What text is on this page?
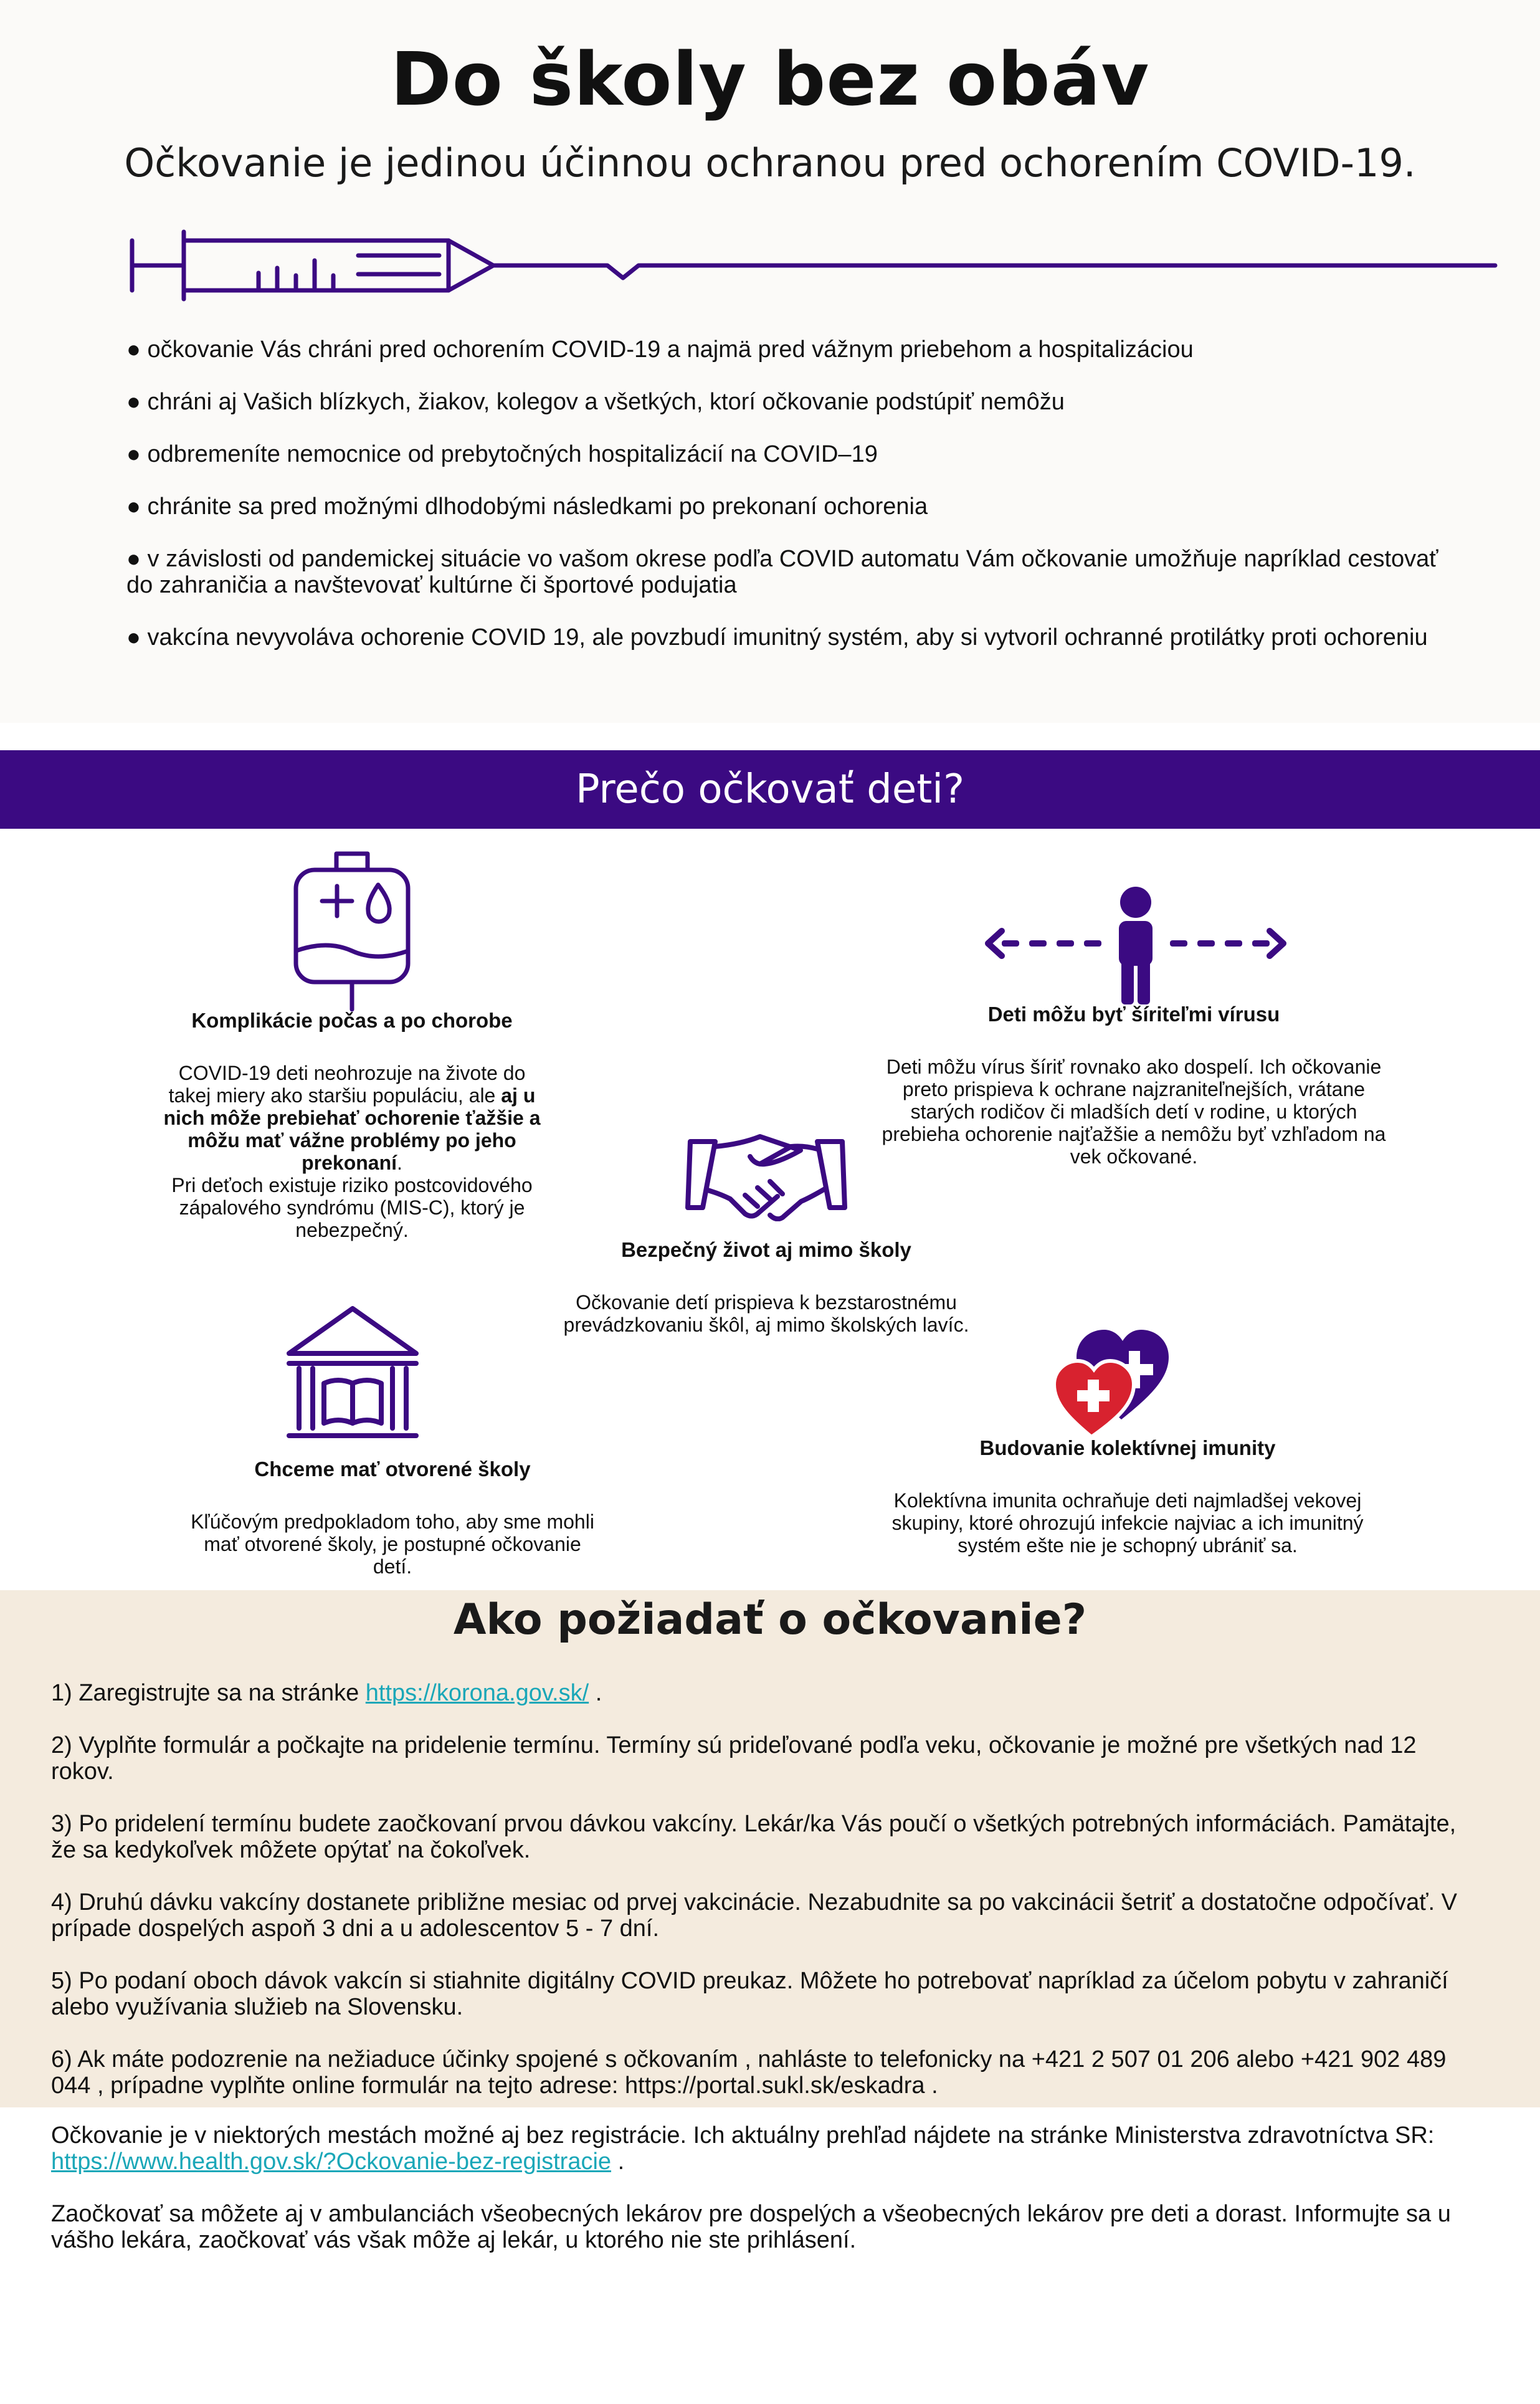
Do školy bez obáv

Očkovanie je jedinou účinnou ochranou pred ochorením COVID-19.

● očkovanie Vás chráni pred ochorením COVID-19 a najmä pred vážnym priebehom a hospitalizáciou
● chráni aj Vašich blízkych, žiakov, kolegov a všetkých, ktorí očkovanie podstúpiť nemôžu
● odbremeníte nemocnice od prebytočných hospitalizácií na COVID–19
● chránite sa pred možnými dlhodobými následkami po prekonaní ochorenia
● v závislosti od pandemickej situácie vo vašom okrese podľa COVID automatu Vám očkovanie umožňuje napríklad cestovať do zahraničia a navštevovať kultúrne či športové podujatia
● vakcína nevyvoláva ochorenie COVID 19, ale povzbudí imunitný systém, aby si vytvoril ochranné protilátky proti ochoreniu
Prečo očkovať deti?
Komplikácie počas a po chorobe

COVID-19 deti neohrozuje na živote do takej miery ako staršiu populáciu, ale aj u nich môže prebiehať ochorenie ťažšie a môžu mať vážne problémy po jeho prekonaní.

Pri deťoch existuje riziko postcovidového zápalového syndrómu (MIS-C), ktorý je nebezpečný.

Deti môžu byť šíriteľmi vírusu

Deti môžu vírus šíriť rovnako ako dospelí. Ich očkovanie preto prispieva k ochrane najzraniteľnejších, vrátane starých rodičov či mladších detí v rodine, u ktorých prebieha ochorenie najťažšie a nemôžu byť vzhľadom na vek očkované.

Bezpečný život aj mimo školy

Očkovanie detí prispieva k bezstarostnému prevádzkovaniu škôl, aj mimo školských lavíc.

Chceme mať otvorené školy

Kľúčovým predpokladom toho, aby sme mohli mať otvorené školy, je postupné očkovanie detí.

Budovanie kolektívnej imunity

Kolektívna imunita ochraňuje deti najmladšej vekovej skupiny, ktoré ohrozujú infekcie najviac a ich imunitný systém ešte nie je schopný ubrániť sa.

Ako požiadať o očkovanie?

1) Zaregistrujte sa na stránke https://korona.gov.sk/ .

2) Vyplňte formulár a počkajte na pridelenie termínu. Termíny sú prideľované podľa veku, očkovanie je možné pre všetkých nad 12 rokov.

3) Po pridelení termínu budete zaočkovaní prvou dávkou vakcíny. Lekár/ka Vás poučí o všetkých potrebných informáciách. Pamätajte, že sa kedykoľvek môžete opýtať na čokoľvek.

4) Druhú dávku vakcíny dostanete približne mesiac od prvej vakcinácie. Nezabudnite sa po vakcinácii šetriť a dostatočne odpočívať. V prípade dospelých aspoň 3 dni a u adolescentov 5 - 7 dní.

5) Po podaní oboch dávok vakcín si stiahnite digitálny COVID preukaz. Môžete ho potrebovať napríklad za účelom pobytu v zahraničí alebo využívania služieb na Slovensku.

6) Ak máte podozrenie na nežiaduce účinky spojené s očkovaním , nahláste to telefonicky na +421 2 507 01 206 alebo +421 902 489 044 , prípadne vyplňte online formulár na tejto adrese: https://portal.sukl.sk/eskadra .

Očkovanie je v niektorých mestách možné aj bez registrácie. Ich aktuálny prehľad nájdete na stránke Ministerstva zdravotníctva SR: https://www.health.gov.sk/?Ockovanie-bez-registracie .

Zaočkovať sa môžete aj v ambulanciách všeobecných lekárov pre dospelých a všeobecných lekárov pre deti a dorast. Informujte sa u vášho lekára, zaočkovať vás však môže aj lekár, u ktorého nie ste prihlásení.
